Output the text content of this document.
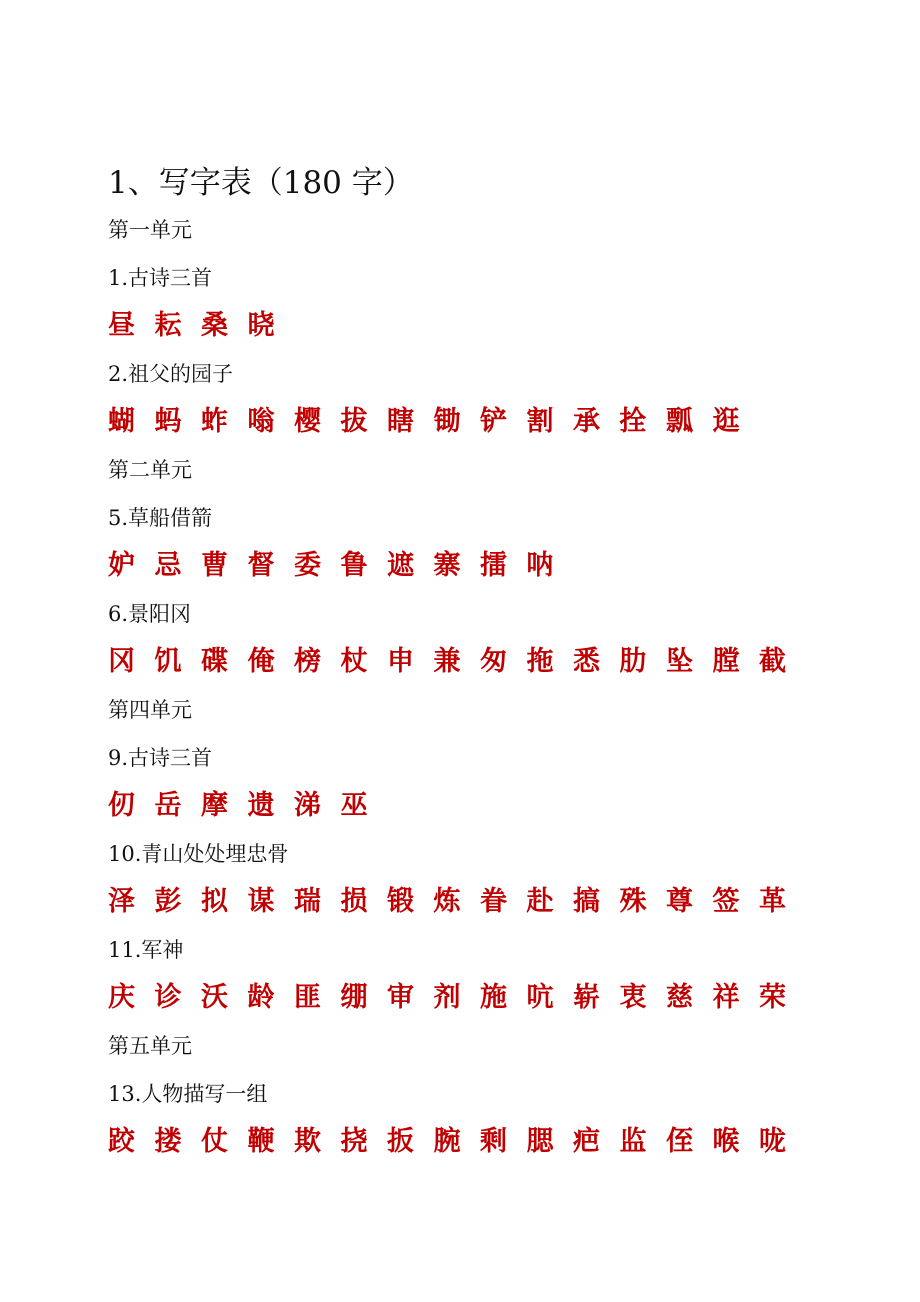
1、写字表（180 字）
第一单元
1.古诗三首
昼 耘 桑 晓
2.祖父的园子
蝴 蚂 蚱 嗡 樱 拔 瞎 锄 铲 割 承 拴 瓢 逛
第二单元
5.草船借箭
妒 忌 曹 督 委 鲁 遮 寨 擂 呐
6.景阳冈
冈 饥 碟 俺 榜 杖 申 兼 匆 拖 悉 肋 坠 膛 截
第四单元
9.古诗三首
仞 岳 摩 遗 涕 巫
10.青山处处埋忠骨
泽 彭 拟 谋 瑞 损 锻 炼 眷 赴 搞 殊 尊 签 革
11.军神
庆 诊 沃 龄 匪 绷 审 剂 施 吭 崭 衷 慈 祥 荣
第五单元
13.人物描写一组
跤 搂 仗 鞭 欺 挠 扳 腕 剩 腮 疤 监 侄 喉 咙
